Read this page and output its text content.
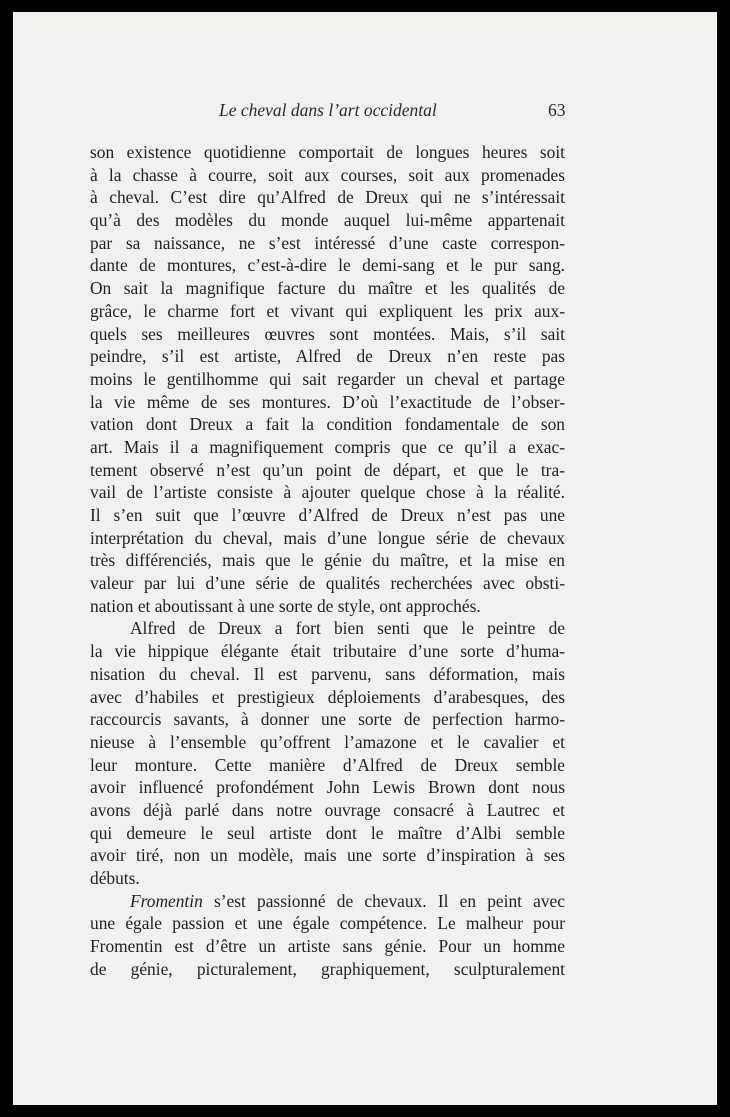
Le cheval dans l’art occidental	63
son existence quotidienne comportait de longues heures soit
à la chasse à courre, soit aux courses, soit aux promenades
à cheval. C’est dire qu’Alfred de Dreux qui ne s’intéressait
qu’à des modèles du monde auquel lui-même appartenait
par sa naissance, ne s’est intéressé d’une caste correspon-
dante de montures, c’est-à-dire le demi-sang et le pur sang.
On sait la magnifique facture du maître et les qualités de
grâce, le charme fort et vivant qui expliquent les prix aux-
quels ses meilleures œuvres sont montées. Mais, s’il sait
peindre, s’il est artiste, Alfred de Dreux n’en reste pas
moins le gentilhomme qui sait regarder un cheval et partage
la vie même de ses montures. D’où l’exactitude de l’obser-
vation dont Dreux a fait la condition fondamentale de son
art. Mais il a magnifiquement compris que ce qu’il a exac-
tement observé n’est qu’un point de départ, et que le tra-
vail de l’artiste consiste à ajouter quelque chose à la réalité.
Il s’en suit que l’œuvre d’Alfred de Dreux n’est pas une
interprétation du cheval, mais d’une longue série de chevaux
très différenciés, mais que le génie du maître, et la mise en
valeur par lui d’une série de qualités recherchées avec obsti-
nation et aboutissant à une sorte de style, ont approchés.
Alfred de Dreux a fort bien senti que le peintre de
la vie hippique élégante était tributaire d’une sorte d’huma-
nisation du cheval. Il est parvenu, sans déformation, mais
avec d’habiles et prestigieux déploiements d’arabesques, des
raccourcis savants, à donner une sorte de perfection harmo-
nieuse à l’ensemble qu’offrent l’amazone et le cavalier et
leur monture. Cette manière d’Alfred de Dreux semble
avoir influencé profondément John Lewis Brown dont nous
avons déjà parlé dans notre ouvrage consacré à Lautrec et
qui demeure le seul artiste dont le maître d’Albi semble
avoir tiré, non un modèle, mais une sorte d’inspiration à ses
débuts.
Fromentin s’est passionné de chevaux. Il en peint avec
une égale passion et une égale compétence. Le malheur pour
Fromentin est d’être un artiste sans génie. Pour un homme
de génie, picturalement, graphiquement, sculpturalement
